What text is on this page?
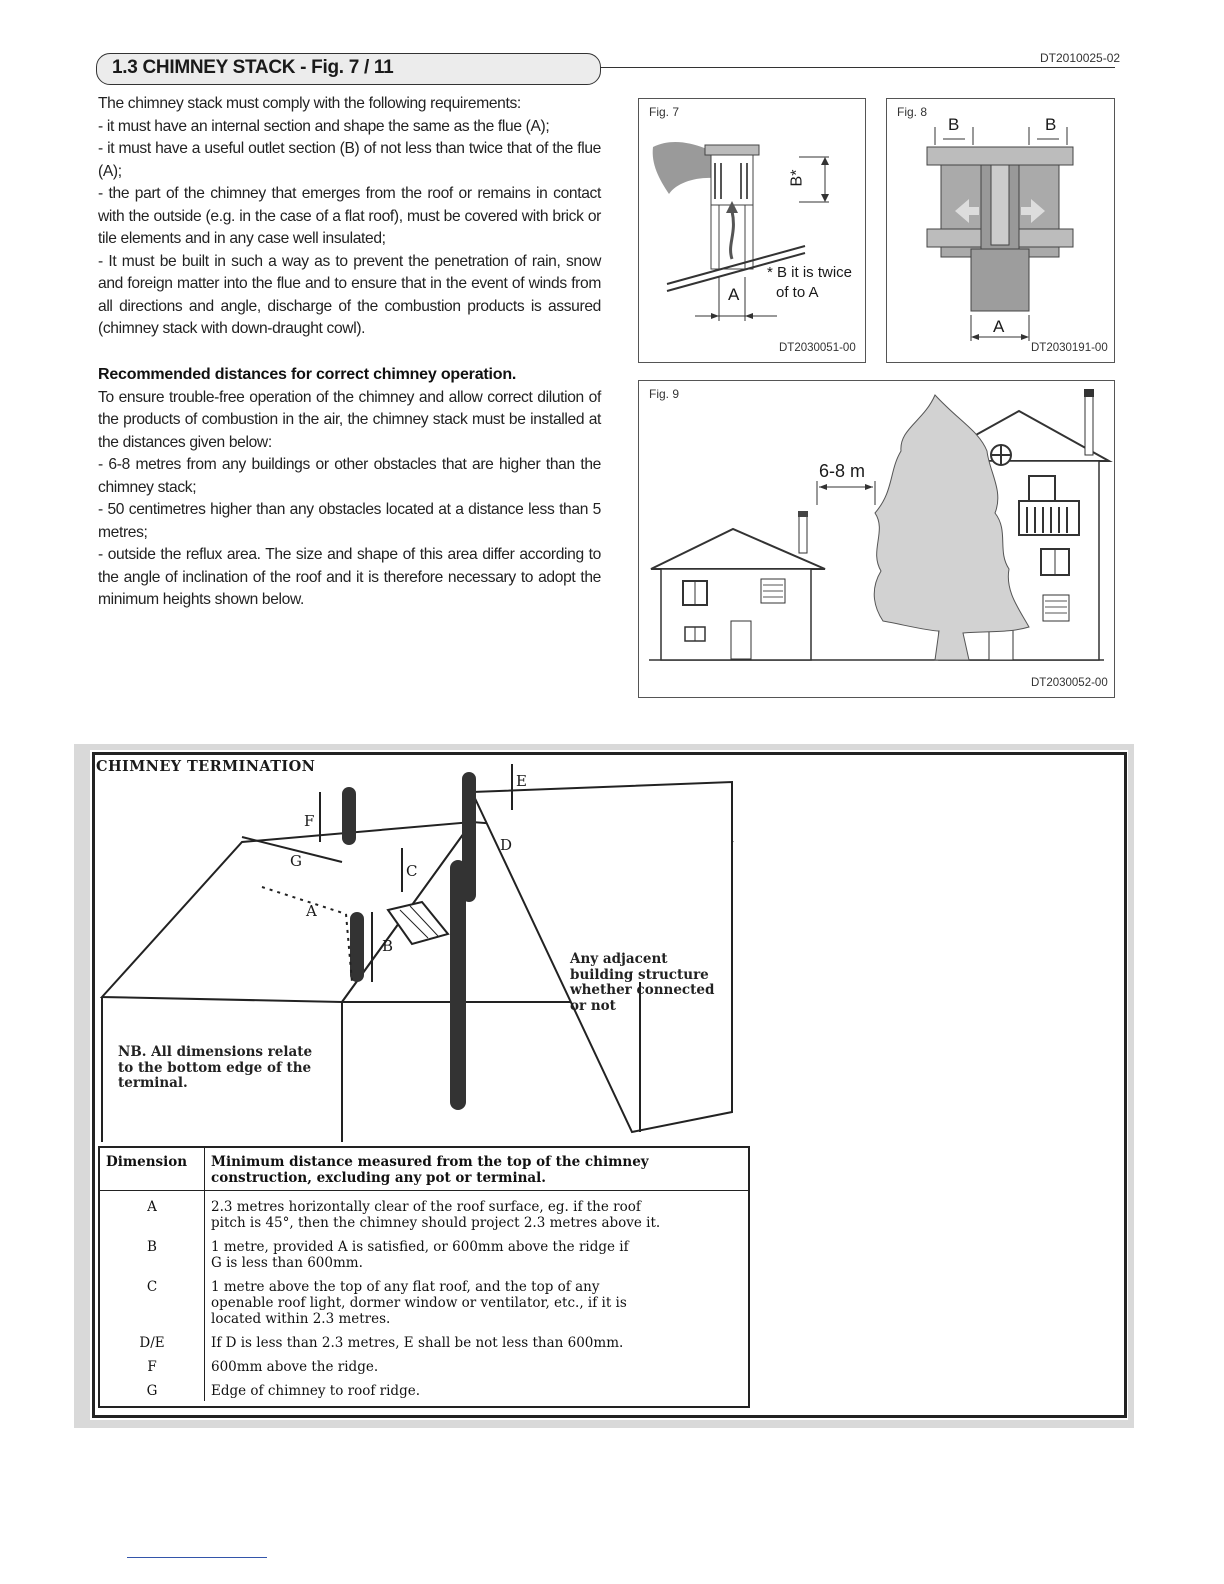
1.3 CHIMNEY STACK - Fig. 7 / 11	DT2010025-02

The chimney stack must comply with the following requirements:

- it must have an internal section and shape the same as the flue (A);

- it must have a useful outlet section (B) of not less than twice that of the flue (A);

- the part of the chimney that emerges from the roof or remains in contact with the outside (e.g. in the case of a flat roof), must be covered with brick or tile elements and in any case well insulated;

- It must be built in such a way as to prevent the penetration of rain, snow and foreign matter into the flue and to ensure that in the event of winds from all directions and angle, discharge of the combustion products is assured (chimney stack with down-draught cowl).

Recommended distances for correct chimney operation.

To ensure trouble-free operation of the chimney and allow correct dilution of the products of combustion in the air, the chimney stack must be installed at the distances given below:

- 6-8 metres from any buildings or other obstacles that are higher than the chimney stack;

- 50 centimetres higher than any obstacles located at a distance less than 5 metres;

- outside the reflux area. The size and shape of this area differ according to the angle of inclination of the roof and it is therefore necessary to adopt the minimum heights shown below.

Fig. 7
B*
A
* B it is twice
of to A
DT2030051-00
Fig. 8
B	B
A
DT2030191-00
Fig. 9
6-8 m
DT2030052-00
CHIMNEY TERMINATION
F
G
A
B
C
D
E
Any adjacent
building structure
whether connected
or not
NB. All dimensions relate
to the bottom edge of the
terminal.
Dimension	Minimum distance measured from the top of the chimney
construction, excluding any pot or terminal.

A	2.3 metres horizontally clear of the roof surface, eg. if the roof
pitch is 45°, then the chimney should project 2.3 metres above it.

B	1 metre, provided A is satisfied, or 600mm above the ridge if
G is less than 600mm.

C	1 metre above the top of any flat roof, and the top of any
openable roof light, dormer window or ventilator, etc., if it is
located within 2.3 metres.

D/E	If D is less than 2.3 metres, E shall be not less than 600mm.

F	600mm above the ridge.

G	Edge of chimney to roof ridge.
